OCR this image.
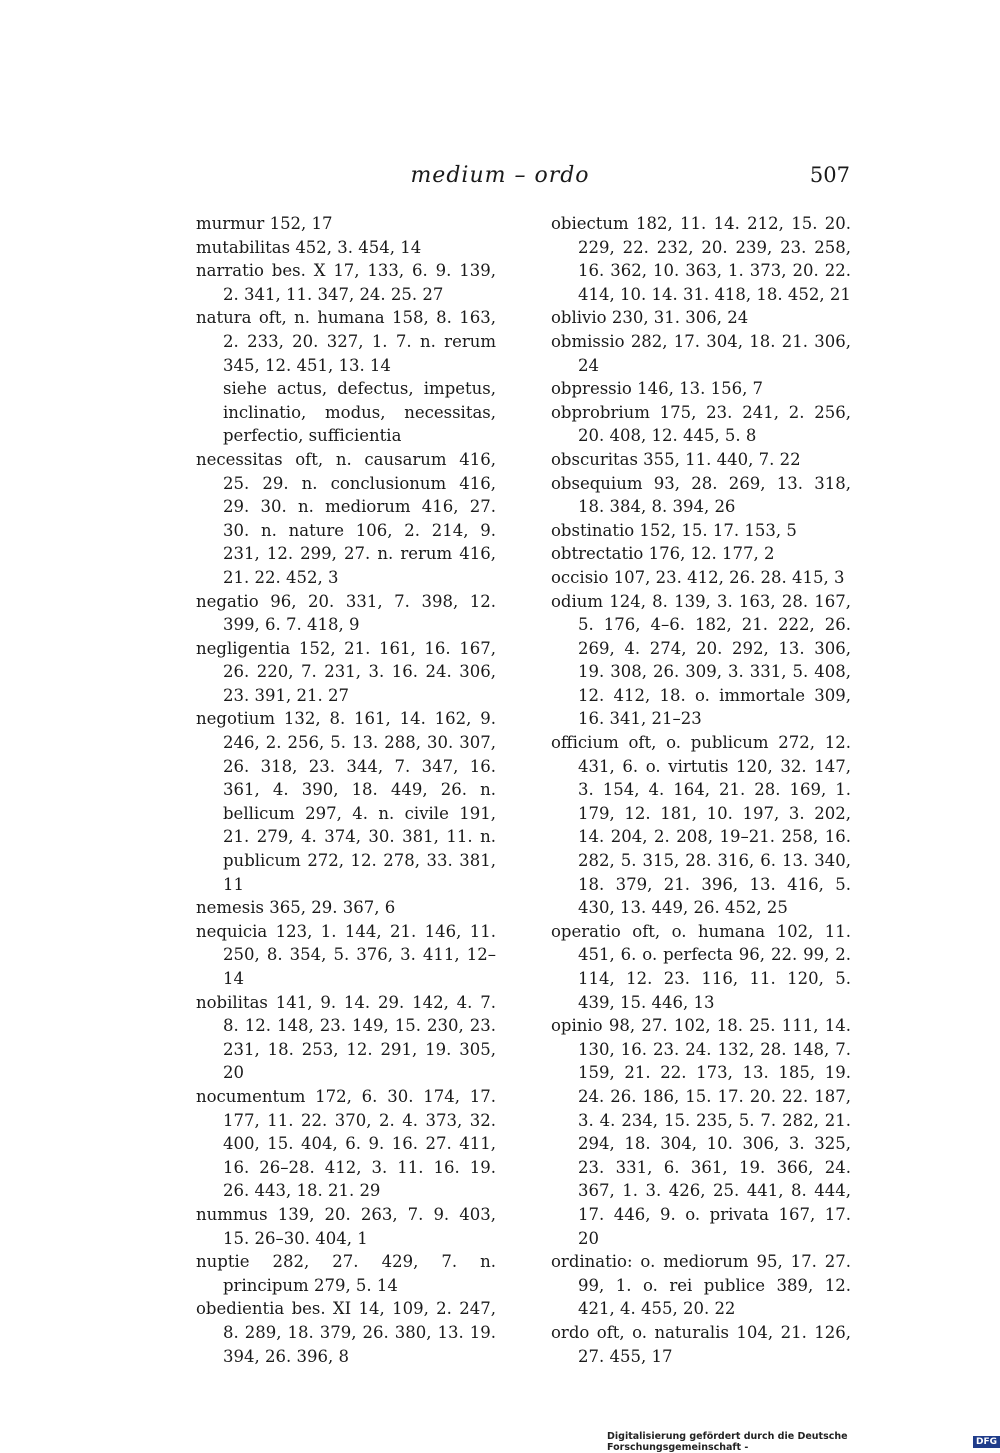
medium – ordo	507

murmur 152, 17

mutabilitas 452, 3. 454, 14

narratio bes. X 17, 133, 6. 9. 139, 2. 341, 11. 347, 24. 25. 27

natura oft, n. humana 158, 8. 163, 2. 233, 20. 327, 1. 7. n. rerum 345, 12. 451, 13. 14

siehe actus, defectus, impetus, inclinatio, modus, necessitas, perfectio, sufficientia

necessitas oft, n. causarum 416, 25. 29. n. conclusionum 416, 29. 30. n. mediorum 416, 27. 30. n. nature 106, 2. 214, 9. 231, 12. 299, 27. n. rerum 416, 21. 22. 452, 3

negatio 96, 20. 331, 7. 398, 12. 399, 6. 7. 418, 9

negligentia 152, 21. 161, 16. 167, 26. 220, 7. 231, 3. 16. 24. 306, 23. 391, 21. 27

negotium 132, 8. 161, 14. 162, 9. 246, 2. 256, 5. 13. 288, 30. 307, 26. 318, 23. 344, 7. 347, 16. 361, 4. 390, 18. 449, 26. n. bellicum 297, 4. n. civile 191, 21. 279, 4. 374, 30. 381, 11. n. publicum 272, 12. 278, 33. 381, 11

nemesis 365, 29. 367, 6

nequicia 123, 1. 144, 21. 146, 11. 250, 8. 354, 5. 376, 3. 411, 12–14

nobilitas 141, 9. 14. 29. 142, 4. 7. 8. 12. 148, 23. 149, 15. 230, 23. 231, 18. 253, 12. 291, 19. 305, 20

nocumentum 172, 6. 30. 174, 17. 177, 11. 22. 370, 2. 4. 373, 32. 400, 15. 404, 6. 9. 16. 27. 411, 16. 26–28. 412, 3. 11. 16. 19. 26. 443, 18. 21. 29

nummus 139, 20. 263, 7. 9. 403, 15. 26–30. 404, 1

nuptie 282, 27. 429, 7. n. principum 279, 5. 14

obedientia bes. XI 14, 109, 2. 247, 8. 289, 18. 379, 26. 380, 13. 19. 394, 26. 396, 8

obiectum 182, 11. 14. 212, 15. 20. 229, 22. 232, 20. 239, 23. 258, 16. 362, 10. 363, 1. 373, 20. 22. 414, 10. 14. 31. 418, 18. 452, 21

oblivio 230, 31. 306, 24

obmissio 282, 17. 304, 18. 21. 306, 24

obpressio 146, 13. 156, 7

obprobrium 175, 23. 241, 2. 256, 20. 408, 12. 445, 5. 8

obscuritas 355, 11. 440, 7. 22

obsequium 93, 28. 269, 13. 318, 18. 384, 8. 394, 26

obstinatio 152, 15. 17. 153, 5

obtrectatio 176, 12. 177, 2

occisio 107, 23. 412, 26. 28. 415, 3

odium 124, 8. 139, 3. 163, 28. 167, 5. 176, 4–6. 182, 21. 222, 26. 269, 4. 274, 20. 292, 13. 306, 19. 308, 26. 309, 3. 331, 5. 408, 12. 412, 18. o. immortale 309, 16. 341, 21–23

officium oft, o. publicum 272, 12. 431, 6. o. virtutis 120, 32. 147, 3. 154, 4. 164, 21. 28. 169, 1. 179, 12. 181, 10. 197, 3. 202, 14. 204, 2. 208, 19–21. 258, 16. 282, 5. 315, 28. 316, 6. 13. 340, 18. 379, 21. 396, 13. 416, 5. 430, 13. 449, 26. 452, 25

operatio oft, o. humana 102, 11. 451, 6. o. perfecta 96, 22. 99, 2. 114, 12. 23. 116, 11. 120, 5. 439, 15. 446, 13

opinio 98, 27. 102, 18. 25. 111, 14. 130, 16. 23. 24. 132, 28. 148, 7. 159, 21. 22. 173, 13. 185, 19. 24. 26. 186, 15. 17. 20. 22. 187, 3. 4. 234, 15. 235, 5. 7. 282, 21. 294, 18. 304, 10. 306, 3. 325, 23. 331, 6. 361, 19. 366, 24. 367, 1. 3. 426, 25. 441, 8. 444, 17. 446, 9. o. privata 167, 17. 20

ordinatio: o. mediorum 95, 17. 27. 99, 1. o. rei publice 389, 12. 421, 4. 455, 20. 22

ordo oft, o. naturalis 104, 21. 126, 27. 455, 17

Digitalisierung gefördert durch die Deutsche Forschungsgemeinschaft -	DFG
